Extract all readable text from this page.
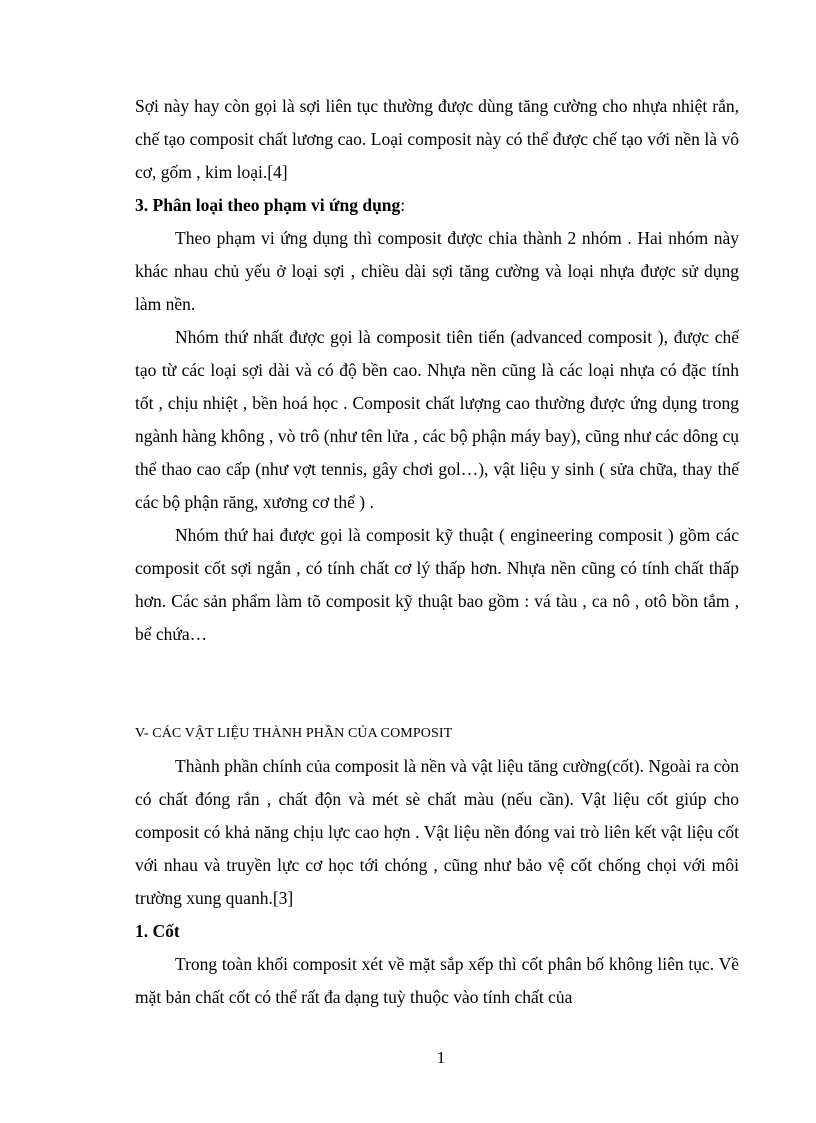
Sợi này hay còn gọi là sợi liên tục thường được dùng tăng cường cho nhựa nhiệt rắn, chế tạo composit chất lương cao. Loại composit này có thể được chế tạo với nền là vô cơ, gốm , kim loại.[4]

3. Phân loại theo phạm vi ứng dụng:

Theo phạm vi ứng dụng thì composit được chia thành 2 nhóm . Hai nhóm này khác nhau chủ yếu ở loại sợi , chiều dài sợi tăng cường và loại nhựa được sử dụng làm nền.

Nhóm thứ nhất được gọi là composit tiên tiến (advanced composit ), được chế tạo từ các loại sợi dài và có độ bền cao. Nhựa nền cũng là các loại nhựa có đặc tính tốt , chịu nhiệt , bền hoá học . Composit chất lượng cao thường được ứng dụng trong ngành hàng không , vò trô (như tên lửa , các bộ phận máy bay), cũng như các dông cụ thể thao cao cấp (như vợt tennis, gây chơi gol…), vật liệu y sinh ( sửa chữa, thay thế các bộ phận răng, xương cơ thể ) .

Nhóm thứ hai được gọi là composit kỹ thuật ( engineering composit ) gồm các composit cốt sợi ngắn , có tính chất cơ lý thấp hơn. Nhựa nền cũng có tính chất thấp hơn. Các sản phẩm làm tõ composit kỹ thuật bao gồm : vá tàu , ca nô , otô bồn tắm , bể chứa…

V- CÁC VẬT LIỆU THÀNH PHẦN CỦA COMPOSIT

Thành phần chính của composit là nền và vật liệu tăng cường(cốt). Ngoài ra còn có chất đóng rắn , chất độn và mét sè chất màu (nếu cần). Vật liệu cốt giúp cho composit có khả năng chịu lực cao hợn . Vật liệu nền đóng vai trò liên kết vật liệu cốt với nhau và truyền lực cơ học tới chóng , cũng như bảo vệ cốt chống chọi với môi trường xung quanh.[3]

1. Cốt

Trong toàn khối composit xét về mặt sắp xếp thì cốt phân bố không liên tục. Về mặt bản chất cốt có thể rất đa dạng tuỳ thuộc vào tính chất của

1
